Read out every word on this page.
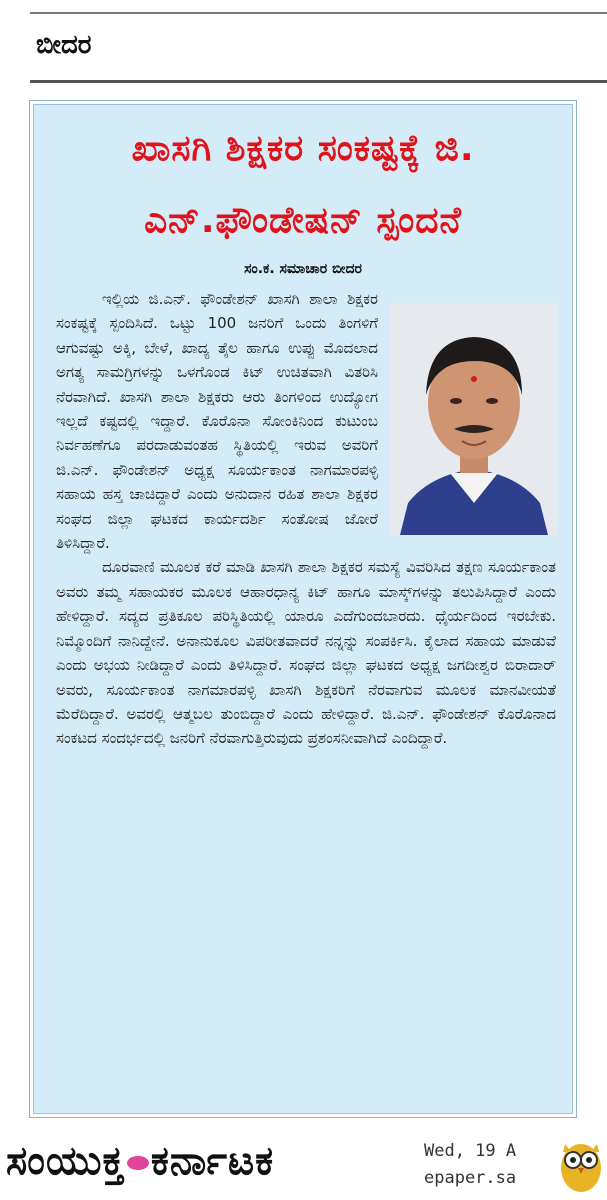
ಬೀದರ
ಖಾಸಗಿ ಶಿಕ್ಷಕರ ಸಂಕಷ್ಟಕ್ಕೆ ಜಿ.
ಎನ್.ಫೌಂಡೇಷನ್ ಸ್ಪಂದನೆ
ಸಂ.ಕ. ಸಮಾಚಾರ ಬೀದರ

ಇಲ್ಲಿಯ ಜಿ.ಎನ್. ಫೌಂಡೇಶನ್ ಖಾಸಗಿ ಶಾಲಾ ಶಿಕ್ಷಕರ ಸಂಕಷ್ಟಕ್ಕೆ ಸ್ಪಂದಿಸಿದೆ. ಒಟ್ಟು 100 ಜನರಿಗೆ ಒಂದು ತಿಂಗಳಿಗೆ ಆಗುವಷ್ಟು ಅಕ್ಕಿ, ಬೇಳೆ, ಖಾದ್ಯ ತೈಲ ಹಾಗೂ ಉಪ್ಪು ಮೊದಲಾದ ಅಗತ್ಯ ಸಾಮಗ್ರಿಗಳನ್ನು ಒಳಗೊಂಡ ಕಿಟ್ ಉಚಿತವಾಗಿ ವಿತರಿಸಿ ನೆರವಾಗಿದೆ. ಖಾಸಗಿ ಶಾಲಾ ಶಿಕ್ಷಕರು ಆರು ತಿಂಗಳಿಂದ ಉದ್ಯೋಗ ಇಲ್ಲದೆ ಕಷ್ಟದಲ್ಲಿ ಇದ್ದಾರೆ. ಕೊರೊನಾ ಸೋಂಕಿನಿಂದ ಕುಟುಂಬ ನಿರ್ವಹಣೆಗೂ ಪರದಾಡುವಂತಹ ಸ್ಥಿತಿಯಲ್ಲಿ ಇರುವ ಅವರಿಗೆ ಜಿ.ಎನ್. ಫೌಂಡೇಶನ್ ಅಧ್ಯಕ್ಷ ಸೂರ್ಯಕಾಂತ ನಾಗಮಾರಪಳ್ಳಿ ಸಹಾಯ ಹಸ್ತ ಚಾಚಿದ್ದಾರೆ ಎಂದು ಅನುದಾನ ರಹಿತ ಶಾಲಾ ಶಿಕ್ಷಕರ ಸಂಘದ ಜಿಲ್ಲಾ ಘಟಕದ ಕಾರ್ಯದರ್ಶಿ ಸಂತೋಷ ಜೋರೆ ತಿಳಿಸಿದ್ದಾರೆ.

ದೂರವಾಣಿ ಮೂಲಕ ಕರೆ ಮಾಡಿ ಖಾಸಗಿ ಶಾಲಾ ಶಿಕ್ಷಕರ ಸಮಸ್ಯೆ ವಿವರಿಸಿದ ತಕ್ಷಣ ಸೂರ್ಯಕಾಂತ ಅವರು ತಮ್ಮ ಸಹಾಯಕರ ಮೂಲಕ ಆಹಾರಧಾನ್ಯ ಕಿಟ್ ಹಾಗೂ ಮಾಸ್ಕ್‌ಗಳನ್ನು ತಲುಪಿಸಿದ್ದಾರೆ ಎಂದು ಹೇಳಿದ್ದಾರೆ. ಸದ್ಯದ ಪ್ರತಿಕೂಲ ಪರಿಸ್ಥಿತಿಯಲ್ಲಿ ಯಾರೂ ಎದೆಗುಂದಬಾರದು. ಧೈರ್ಯದಿಂದ ಇರಬೇಕು. ನಿಮ್ಮೊಂದಿಗೆ ನಾನಿದ್ದೇನೆ. ಅನಾನುಕೂಲ ವಿಪರೀತವಾದರೆ ನನ್ನನ್ನು ಸಂಪರ್ಕಿಸಿ. ಕೈಲಾದ ಸಹಾಯ ಮಾಡುವೆ ಎಂದು ಅಭಯ ನೀಡಿದ್ದಾರೆ ಎಂದು ತಿಳಿಸಿದ್ದಾರೆ. ಸಂಘದ ಜಿಲ್ಲಾ ಘಟಕದ ಅಧ್ಯಕ್ಷ ಜಗದೀಶ್ವರ ಬಿರಾದಾರ್ ಅವರು, ಸೂರ್ಯಕಾಂತ ನಾಗಮಾರಪಳ್ಳಿ ಖಾಸಗಿ ಶಿಕ್ಷಕರಿಗೆ ನೆರವಾಗುವ ಮೂಲಕ ಮಾನವೀಯತೆ ಮೆರೆದಿದ್ದಾರೆ. ಅವರಲ್ಲಿ ಆತ್ಮಬಲ ತುಂಬಿದ್ದಾರೆ ಎಂದು ಹೇಳಿದ್ದಾರೆ. ಜಿ.ಎನ್. ಫೌಂಡೇಶನ್ ಕೊರೊನಾದ ಸಂಕಟದ ಸಂದರ್ಭದಲ್ಲಿ ಜನರಿಗೆ ನೆರವಾಗುತ್ತಿರುವುದು ಪ್ರಶಂಸನೀವಾಗಿದೆ ಎಂದಿದ್ದಾರೆ.

ಸಂಯುಕ್ತ ಕರ್ನಾಟಕ	Wed, 19 A
epaper.sa
